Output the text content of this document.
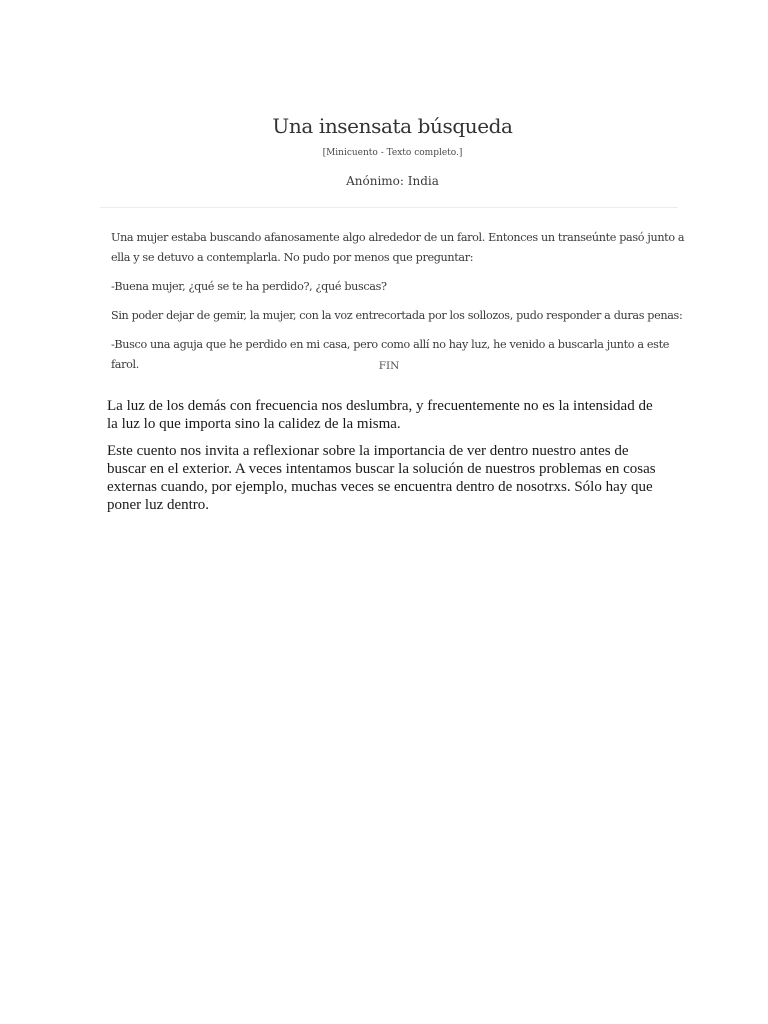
Una insensata búsqueda
[Minicuento - Texto completo.]
Anónimo: India

Una mujer estaba buscando afanosamente algo alrededor de un farol. Entonces un transeúnte pasó junto a ella y se detuvo a contemplarla. No pudo por menos que preguntar:

-Buena mujer, ¿qué se te ha perdido?, ¿qué buscas?

Sin poder dejar de gemir, la mujer, con la voz entrecortada por los sollozos, pudo responder a duras penas:

-Busco una aguja que he perdido en mi casa, pero como allí no hay luz, he venido a buscarla junto a este farol.	FIN

La luz de los demás con frecuencia nos deslumbra, y frecuentemente no es la intensidad de la luz lo que importa sino la calidez de la misma.

Este cuento nos invita a reflexionar sobre la importancia de ver dentro nuestro antes de buscar en el exterior. A veces intentamos buscar la solución de nuestros problemas en cosas externas cuando, por ejemplo, muchas veces se encuentra dentro de nosotrxs. Sólo hay que poner luz dentro.
